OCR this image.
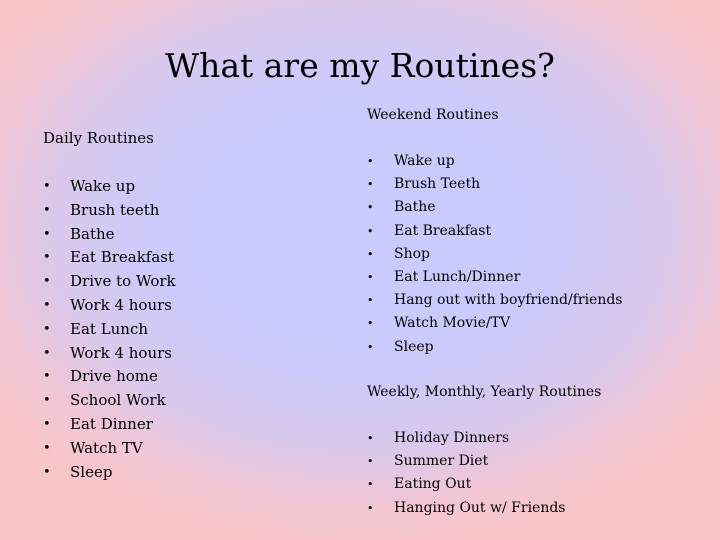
What are my Routines?
Daily Routines
• Wake up
• Brush teeth
• Bathe
• Eat Breakfast
• Drive to Work
• Work 4 hours
• Eat Lunch
• Work 4 hours
• Drive home
• School Work
• Eat Dinner
• Watch TV
• Sleep
Weekend Routines
• Wake up
• Brush Teeth
• Bathe
• Eat Breakfast
• Shop
• Eat Lunch/Dinner
• Hang out with boyfriend/friends
• Watch Movie/TV
• Sleep
Weekly, Monthly, Yearly Routines
• Holiday Dinners
• Summer Diet
• Eating Out
• Hanging Out w/ Friends
